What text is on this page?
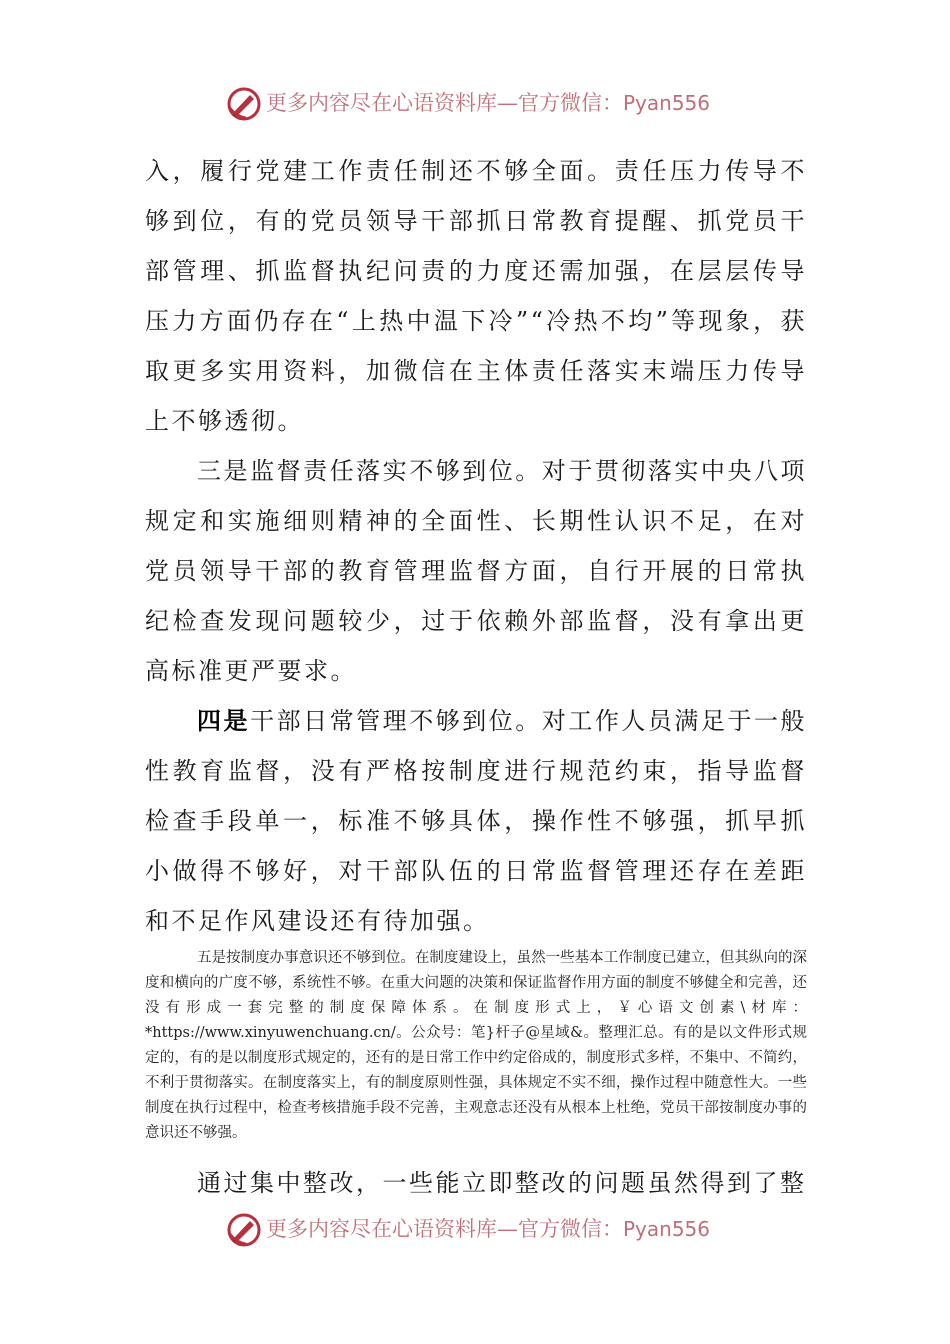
更多内容尽在心语资料库—官方微信：Pyan556

入，履行党建工作责任制还不够全面。责任压力传导不够到位，有的党员领导干部抓日常教育提醒、抓党员干部管理、抓监督执纪问责的力度还需加强，在层层传导压力方面仍存在“上热中温下冷”“冷热不均”等现象，获取更多实用资料，加微信在主体责任落实末端压力传导上不够透彻。

三是监督责任落实不够到位。对于贯彻落实中央八项规定和实施细则精神的全面性、长期性认识不足，在对党员领导干部的教育管理监督方面，自行开展的日常执纪检查发现问题较少，过于依赖外部监督，没有拿出更高标准更严要求。

四是干部日常管理不够到位。对工作人员满足于一般性教育监督，没有严格按制度进行规范约束，指导监督检查手段单一，标准不够具体，操作性不够强，抓早抓小做得不够好，对干部队伍的日常监督管理还存在差距和不足作风建设还有待加强。

五是按制度办事意识还不够到位。在制度建设上，虽然一些基本工作制度已建立，但其纵向的深度和横向的广度不够，系统性不够。在重大问题的决策和保证监督作用方面的制度不够健全和完善，还没有形成一套完整的制度保障体系。在制度形式上，￥心语文创素\材库：*https://www.xinyuwenchuang.cn/。公众号：笔}杆子@星域&。整理汇总。有的是以文件形式规定的，有的是以制度形式规定的，还有的是日常工作中约定俗成的，制度形式多样，不集中、不简约，不利于贯彻落实。在制度落实上，有的制度原则性强，具体规定不实不细，操作过程中随意性大。一些制度在执行过程中，检查考核措施手段不完善，主观意志还没有从根本上杜绝，党员干部按制度办事的意识还不够强。

通过集中整改，一些能立即整改的问题虽然得到了整

更多内容尽在心语资料库—官方微信：Pyan556
